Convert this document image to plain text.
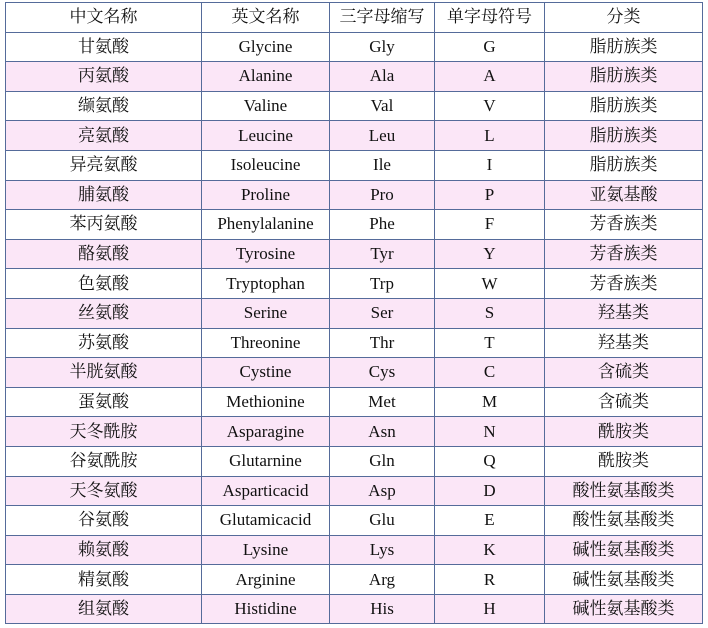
中文名称	英文名称	三字母缩写	单字母符号	分类
甘氨酸	Glycine	Gly	G	脂肪族类
丙氨酸	Alanine	Ala	A	脂肪族类
缬氨酸	Valine	Val	V	脂肪族类
亮氨酸	Leucine	Leu	L	脂肪族类
异亮氨酸	Isoleucine	Ile	I	脂肪族类
脯氨酸	Proline	Pro	P	亚氨基酸
苯丙氨酸	Phenylalanine	Phe	F	芳香族类
酪氨酸	Tyrosine	Tyr	Y	芳香族类
色氨酸	Tryptophan	Trp	W	芳香族类
丝氨酸	Serine	Ser	S	羟基类
苏氨酸	Threonine	Thr	T	羟基类
半胱氨酸	Cystine	Cys	C	含硫类
蛋氨酸	Methionine	Met	M	含硫类
天冬酰胺	Asparagine	Asn	N	酰胺类
谷氨酰胺	Glutarnine	Gln	Q	酰胺类
天冬氨酸	Asparticacid	Asp	D	酸性氨基酸类
谷氨酸	Glutamicacid	Glu	E	酸性氨基酸类
赖氨酸	Lysine	Lys	K	碱性氨基酸类
精氨酸	Arginine	Arg	R	碱性氨基酸类
组氨酸	Histidine	His	H	碱性氨基酸类
